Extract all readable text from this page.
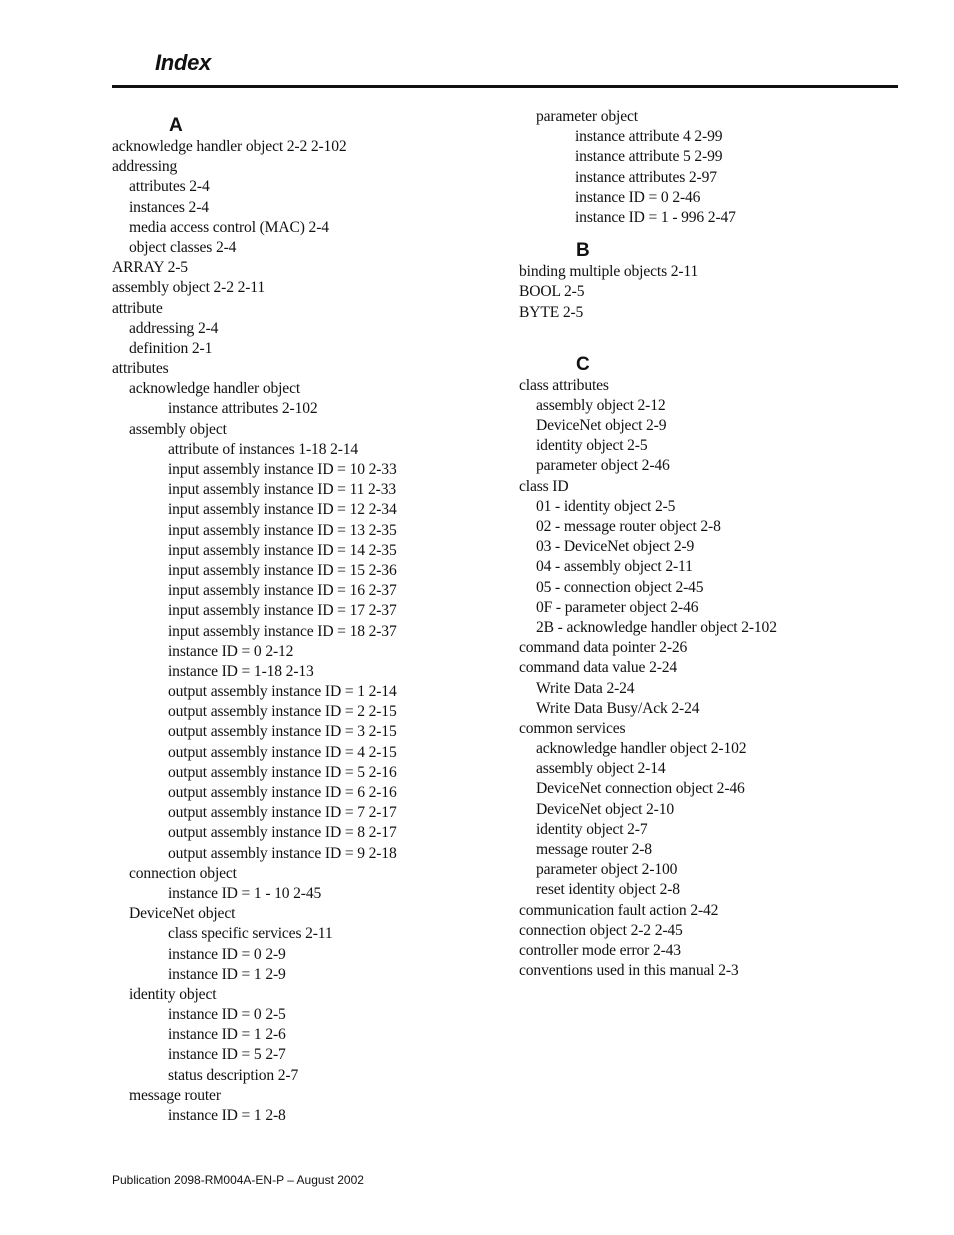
Index
A
acknowledge handler object 2-2 2-102
addressing
attributes 2-4
instances 2-4
media access control (MAC) 2-4
object classes 2-4
ARRAY 2-5
assembly object 2-2 2-11
attribute
addressing 2-4
definition 2-1
attributes
acknowledge handler object
instance attributes 2-102
assembly object
attribute of instances 1-18 2-14
input assembly instance ID = 10 2-33
input assembly instance ID = 11 2-33
input assembly instance ID = 12 2-34
input assembly instance ID = 13 2-35
input assembly instance ID = 14 2-35
input assembly instance ID = 15 2-36
input assembly instance ID = 16 2-37
input assembly instance ID = 17 2-37
input assembly instance ID = 18 2-37
instance ID = 0 2-12
instance ID = 1-18 2-13
output assembly instance ID = 1 2-14
output assembly instance ID = 2 2-15
output assembly instance ID = 3 2-15
output assembly instance ID = 4 2-15
output assembly instance ID = 5 2-16
output assembly instance ID = 6 2-16
output assembly instance ID = 7 2-17
output assembly instance ID = 8 2-17
output assembly instance ID = 9 2-18
connection object
instance ID = 1 - 10 2-45
DeviceNet object
class specific services 2-11
instance ID = 0 2-9
instance ID = 1 2-9
identity object
instance ID = 0 2-5
instance ID = 1 2-6
instance ID = 5 2-7
status description 2-7
message router
instance ID = 1 2-8
parameter object
instance attribute 4 2-99
instance attribute 5 2-99
instance attributes 2-97
instance ID = 0 2-46
instance ID = 1 - 996 2-47
B
binding multiple objects 2-11
BOOL 2-5
BYTE 2-5
C
class attributes
assembly object 2-12
DeviceNet object 2-9
identity object 2-5
parameter object 2-46
class ID
01 - identity object 2-5
02 - message router object 2-8
03 - DeviceNet object 2-9
04 - assembly object 2-11
05 - connection object 2-45
0F - parameter object 2-46
2B - acknowledge handler object 2-102
command data pointer 2-26
command data value 2-24
Write Data 2-24
Write Data Busy/Ack 2-24
common services
acknowledge handler object 2-102
assembly object 2-14
DeviceNet connection object 2-46
DeviceNet object 2-10
identity object 2-7
message router 2-8
parameter object 2-100
reset identity object 2-8
communication fault action 2-42
connection object 2-2 2-45
controller mode error 2-43
conventions used in this manual 2-3
Publication 2098-RM004A-EN-P – August 2002
